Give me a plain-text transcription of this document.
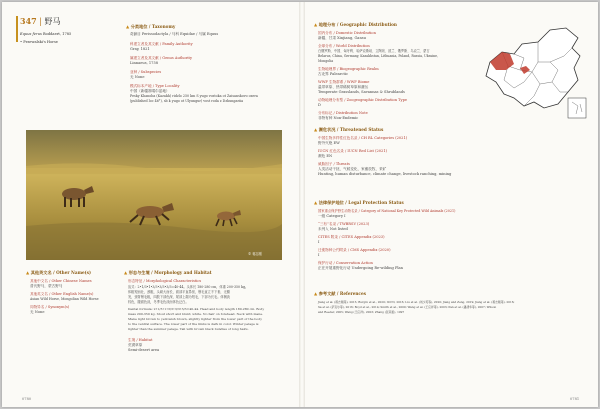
347 | 野马
Equus ferus Boddaert, 1785
• Przewalski's Horse
▲ 分类地位 / Taxonomy
奇蹄目 Perissodactyla / 马科 Equidae / 马属 Equus
科建立者及其文献 / Family Authority
Gray, 1821
属建立者及其文献 / Genus Authority
Linnaeus, 1758
亚种 / Subspecies
无 None
模式标本产地 / Type Locality
中国（新疆准噶尔盆地）
Pesky Khanoba (Kazakh) ridzlo 250 km S yugo vostoka ot Zaisanskovo ozera
(published loc 46°), sb k yugo ot Ulyungur) vost roda z Dzhungariia
© 蒋志刚
▲ 其他英文名 / Other Name(s)
其他中文名 / Other Chinese Names
普氏野马，蒙古野马
其他英文名 / Other English Name(s)
Asian Wild Horse, Mongolian Wild Horse
同物异名 / Synonym(s)
无 None
▲ 形态与生境 / Morphology and Habitat
形态特征 / Morphological Characteristics
齿式：2•1/3•1•3/3•3/3•3/3=40-44。头体长 180-280 cm，体重 200-350 kg。
体粗短而壮，颈粗，头硕大而长，面部平直鼻宽，鬃毛直立不下垂，无额
发，颈背鬃毛粗，四肢下部色深，尾部上端为短毛，下部为长毛。体侧淡
棕色，腹面色淡，冬季毛色淡而体色泛白。
Dental formula: 2•1/3•1•3/3•3/3•3/3=40-44. Head and body length 180-280 cm. Body
mass 200-350 kg. Stout short and blunt; white. No hair on forehead. Neck with mane.
Mane light brown to yellowish brown, slightly lighter from the lower part of the body
to the ventral surface. The lower part of the limbs is dark in color. Winter pelage is
lighter than the summer pelage. Tail with brown black bundles of long hairs.
生境 / Habitat
荒漠草原
Semi-desert area
0780
▲ 地理分布 / Geographic Distribution
国内分布 / Domestic Distribution
新疆、甘肃 Xinjiang, Gansu
全球分布 / World Distribution
白俄罗斯、中国、匈牙利、哈萨克斯坦、立陶宛、波兰、俄罗斯、乌克兰、蒙古
Belarus, China, Germany, Kazakhstan, Lithuania, Poland, Russia, Ukraine,
Mongolia
生物地理界 / Biogeographic Realm
古北界 Palearctic
WWF 生物群系 / WWF Biome
温带草原、热带稀树草原和灌丛
Temperate Grasslands, Savannas & Shrublands
动物地理分布型 / Zoogeographic Distribution Type
D
分布标记 / Distribution Note
非特有种 Non-Endemic
▲ 濒危状况 / Threatened Status
中国生物多样性红色名录 / CH RL Categories (2021)
野外灭绝 EW
IUCN 红色名录 / IUCN Red List (2021)
濒危 EN
威胁因子 / Threats
人类活动干扰、气候变化、家畜放牧、采矿
Hunting, human disturbance, climate change, livestock ranching, mining
▲ 法律保护地位 / Legal Protection Status
国家重点保护野生动物名录 / Category of National Key Protected Wild Animals (2021)
一级 Category I
“三有”名录 / TWBRSV (2023)
未列入 Not listed
CITES 附录 / CITES Appendix (2023)
I
迁徙物种公约附录 / CMS Appendix (2020)
I
保护行动 / Conservation Action
正在开展重野化行动 Undergoing Re-wilding Plan
▲ 参考文献 / References
Jiang et al. (蒋志刚等), 2015; Burgin et al., 2020; IUCN, 2016; Liu et al. (刘少英等), 2020; Jiang and Zeng, 2019; Jiang et al. (蒋志刚等), 2016;
Sa et al. (萨克尔等), 2016; Boyd et al., 2014; Smith et al., 2009; Wang et al. (王应祥等), 2003; Pan et al. (潘清华等), 2007; Wilson
and Reeder, 2005; Wang (王应祥), 2003; Zhang (张荣祖), 1997
0781
